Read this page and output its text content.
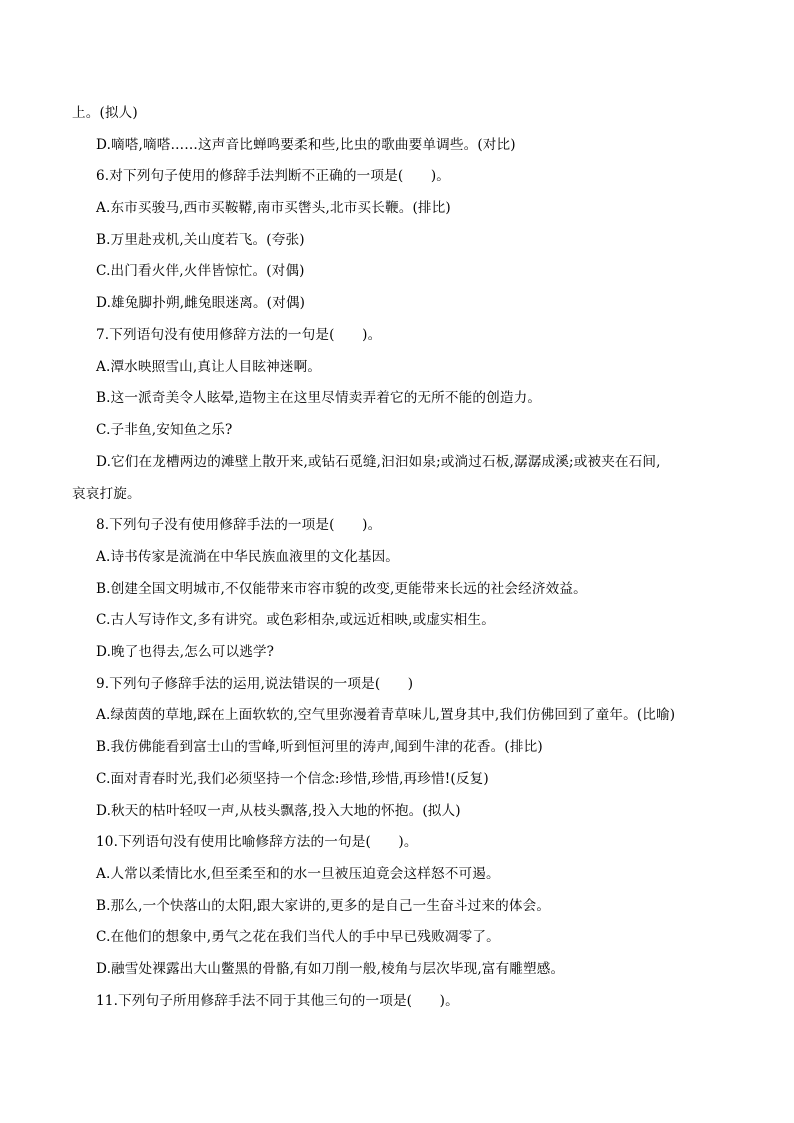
上。(拟人)
D.嘀嗒,嘀嗒……这声音比蝉鸣要柔和些,比虫的歌曲要单调些。(对比)
6.对下列句子使用的修辞手法判断不正确的一项是(　　)。
A.东市买骏马,西市买鞍鞯,南市买辔头,北市买长鞭。(排比)
B.万里赴戎机,关山度若飞。(夸张)
C.出门看火伴,火伴皆惊忙。(对偶)
D.雄兔脚扑朔,雌兔眼迷离。(对偶)
7.下列语句没有使用修辞方法的一句是(　　)。
A.潭水映照雪山,真让人目眩神迷啊。
B.这一派奇美令人眩晕,造物主在这里尽情卖弄着它的无所不能的创造力。
C.子非鱼,安知鱼之乐?
D.它们在龙槽两边的滩壁上散开来,或钻石觅缝,汩汩如泉;或淌过石板,潺潺成溪;或被夹在石间,
哀哀打旋。
8.下列句子没有使用修辞手法的一项是(　　)。
A.诗书传家是流淌在中华民族血液里的文化基因。
B.创建全国文明城市,不仅能带来市容市貌的改变,更能带来长远的社会经济效益。
C.古人写诗作文,多有讲究。或色彩相杂,或远近相映,或虚实相生。
D.晚了也得去,怎么可以逃学?
9.下列句子修辞手法的运用,说法错误的一项是(　　)
A.绿茵茵的草地,踩在上面软软的,空气里弥漫着青草味儿,置身其中,我们仿佛回到了童年。(比喻)
B.我仿佛能看到富士山的雪峰,听到恒河里的涛声,闻到牛津的花香。(排比)
C.面对青春时光,我们必须坚持一个信念:珍惜,珍惜,再珍惜!(反复)
D.秋天的枯叶轻叹一声,从枝头飘落,投入大地的怀抱。(拟人)
10.下列语句没有使用比喻修辞方法的一句是(　　)。
A.人常以柔情比水,但至柔至和的水一旦被压迫竟会这样怒不可遏。
B.那么,一个快落山的太阳,跟大家讲的,更多的是自己一生奋斗过来的体会。
C.在他们的想象中,勇气之花在我们当代人的手中早已残败凋零了。
D.融雪处裸露出大山鳖黑的骨骼,有如刀削一般,棱角与层次毕现,富有雕塑感。
11.下列句子所用修辞手法不同于其他三句的一项是(　　)。
